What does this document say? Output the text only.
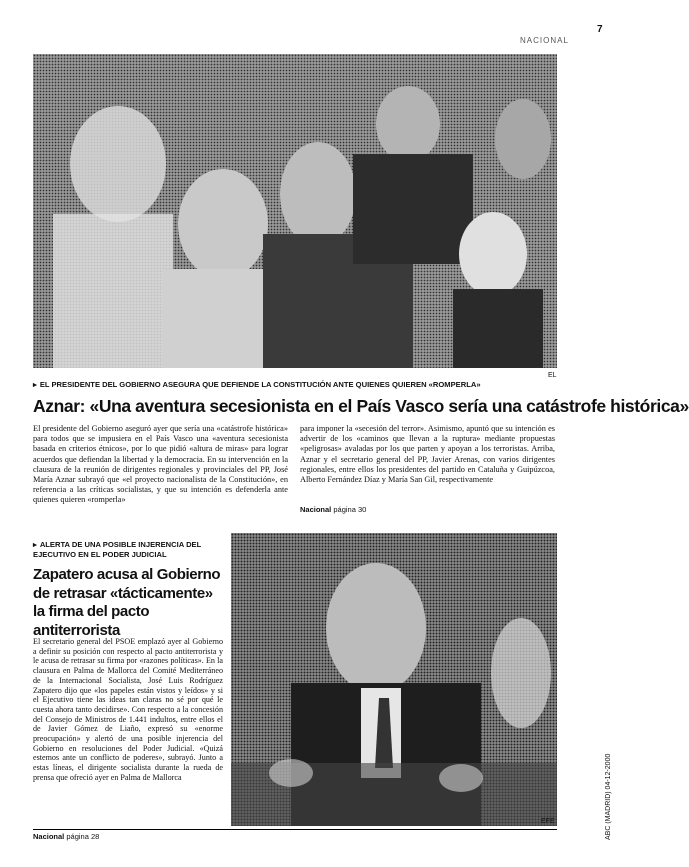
NACIONAL
7
EL
▸ EL PRESIDENTE DEL GOBIERNO ASEGURA QUE DEFIENDE LA CONSTITUCIÓN ANTE QUIENES QUIEREN «ROMPERLA»
Aznar: «Una aventura secesionista en el País Vasco sería una catástrofe histórica»
El presidente del Gobierno aseguró ayer que sería una «catástrofe histórica» para todos que se impusiera en el País Vasco una «aventura secesionista basada en criterios étnicos», por lo que pidió «altura de miras» para lograr acuerdos que defiendan la libertad y la democracia. En su intervención en la clausura de la reunión de dirigentes regionales y provinciales del PP, José María Aznar subrayó que «el proyecto nacionalista de la Constitución», en referencia a las críticas socialistas, y que su intención es defenderla ante quienes quieren «romperla»
para imponer la «secesión del terror». Asimismo, apuntó que su intención es advertir de los «caminos que llevan a la ruptura» mediante propuestas «peligrosas» avaladas por los que parten y apoyan a los terroristas. Arriba, Aznar y el secretario general del PP, Javier Arenas, con varios dirigentes regionales, entre ellos los presidentes del partido en Cataluña y Guipúzcoa, Alberto Fernández Díaz y María San Gil, respectivamente
Nacional página 30
▸ ALERTA DE UNA POSIBLE INJERENCIA DEL EJECUTIVO EN EL PODER JUDICIAL
Zapatero acusa al Gobierno de retrasar «tácticamente» la firma del pacto antiterrorista
El secretario general del PSOE emplazó ayer al Gobierno a definir su posición con respecto al pacto antiterrorista y le acusa de retrasar su firma por «razones políticas». En la clausura en Palma de Mallorca del Comité Mediterráneo de la Internacional Socialista, José Luis Rodríguez Zapatero dijo que «los papeles están vistos y leídos» y si el Ejecutivo tiene las ideas tan claras no sé por qué le cuesta ahora tanto decidirse». Con respecto a la concesión del Consejo de Ministros de 1.441 indultos, entre ellos el de Javier Gómez de Liaño, expresó su «enorme preocupación» y alertó de una posible injerencia del Gobierno en resoluciones del Poder Judicial. «Quizá estemos ante un conflicto de poderes», subrayó. Junto a estas líneas, el dirigente socialista durante la rueda de prensa que ofreció ayer en Palma de Mallorca
Nacional página 28
EFE	ABC (MADRID) 04-12-2000
